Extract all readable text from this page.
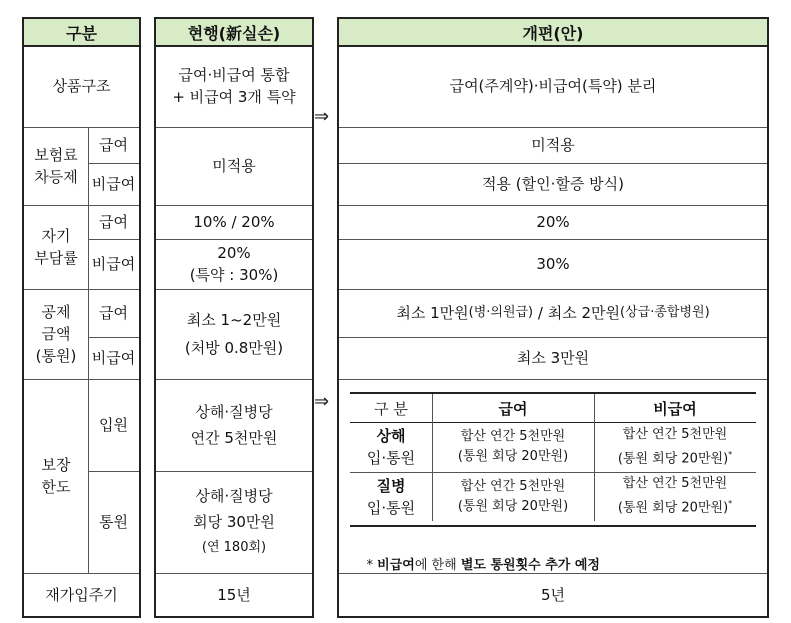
구분
상품구조
보험료
차등제
급여
비급여
자기
부담률
급여
비급여
공제
금액
(통원)
급여
비급여
보장
한도
입원
통원
재가입주기
현행(新실손)
급여·비급여 통합
+ 비급여 3개 특약
미적용
10% / 20%
20%
(특약 : 30%)
최소 1~2만원
(처방 0.8만원)
상해·질병당
연간 5천만원
상해·질병당
회당 30만원
(연 180회)
15년
⇒
⇒
개편(안)
급여(주계약)·비급여(특약) 분리
미적용
적용 (할인·할증 방식)
20%
30%
최소 1만원 (병·의원급) / 최소 2만원 (상급·종합병원)
최소 3만원
구 분	급여	비급여
상해
입·통원
합산 연간 5천만원
(통원 회당 20만원)
합산 연간 5천만원
(통원 회당 20만원)*
질병
입·통원
합산 연간 5천만원
(통원 회당 20만원)
합산 연간 5천만원
(통원 회당 20만원)*

* 비급여에 한해 별도 통원횟수 추가 예정

5년
